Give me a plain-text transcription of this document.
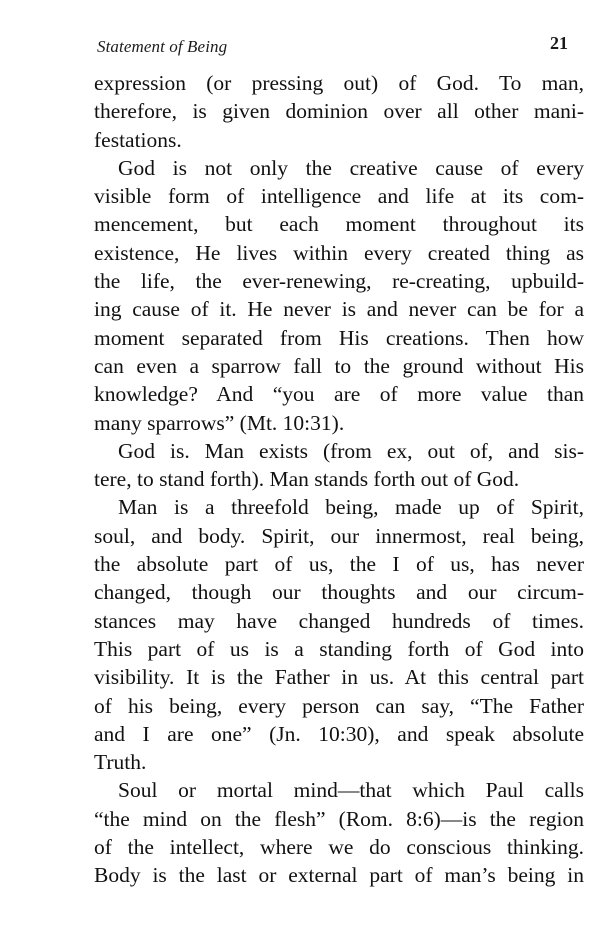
Statement of Being	21
expression (or pressing out) of God. To man,
therefore, is given dominion over all other mani-
festations.
God is not only the creative cause of every
visible form of intelligence and life at its com-
mencement, but each moment throughout its
existence, He lives within every created thing as
the life, the ever-renewing, re-creating, upbuild-
ing cause of it. He never is and never can be for a
moment separated from His creations. Then how
can even a sparrow fall to the ground without His
knowledge? And “you are of more value than
many sparrows” (Mt. 10:31).
God is. Man exists (from ex, out of, and sis-
tere, to stand forth). Man stands forth out of God.
Man is a threefold being, made up of Spirit,
soul, and body. Spirit, our innermost, real being,
the absolute part of us, the I of us, has never
changed, though our thoughts and our circum-
stances may have changed hundreds of times.
This part of us is a standing forth of God into
visibility. It is the Father in us. At this central part
of his being, every person can say, “The Father
and I are one” (Jn. 10:30), and speak absolute
Truth.
Soul or mortal mind—that which Paul calls
“the mind on the flesh” (Rom. 8:6)—is the region
of the intellect, where we do conscious thinking.
Body is the last or external part of man’s being in
